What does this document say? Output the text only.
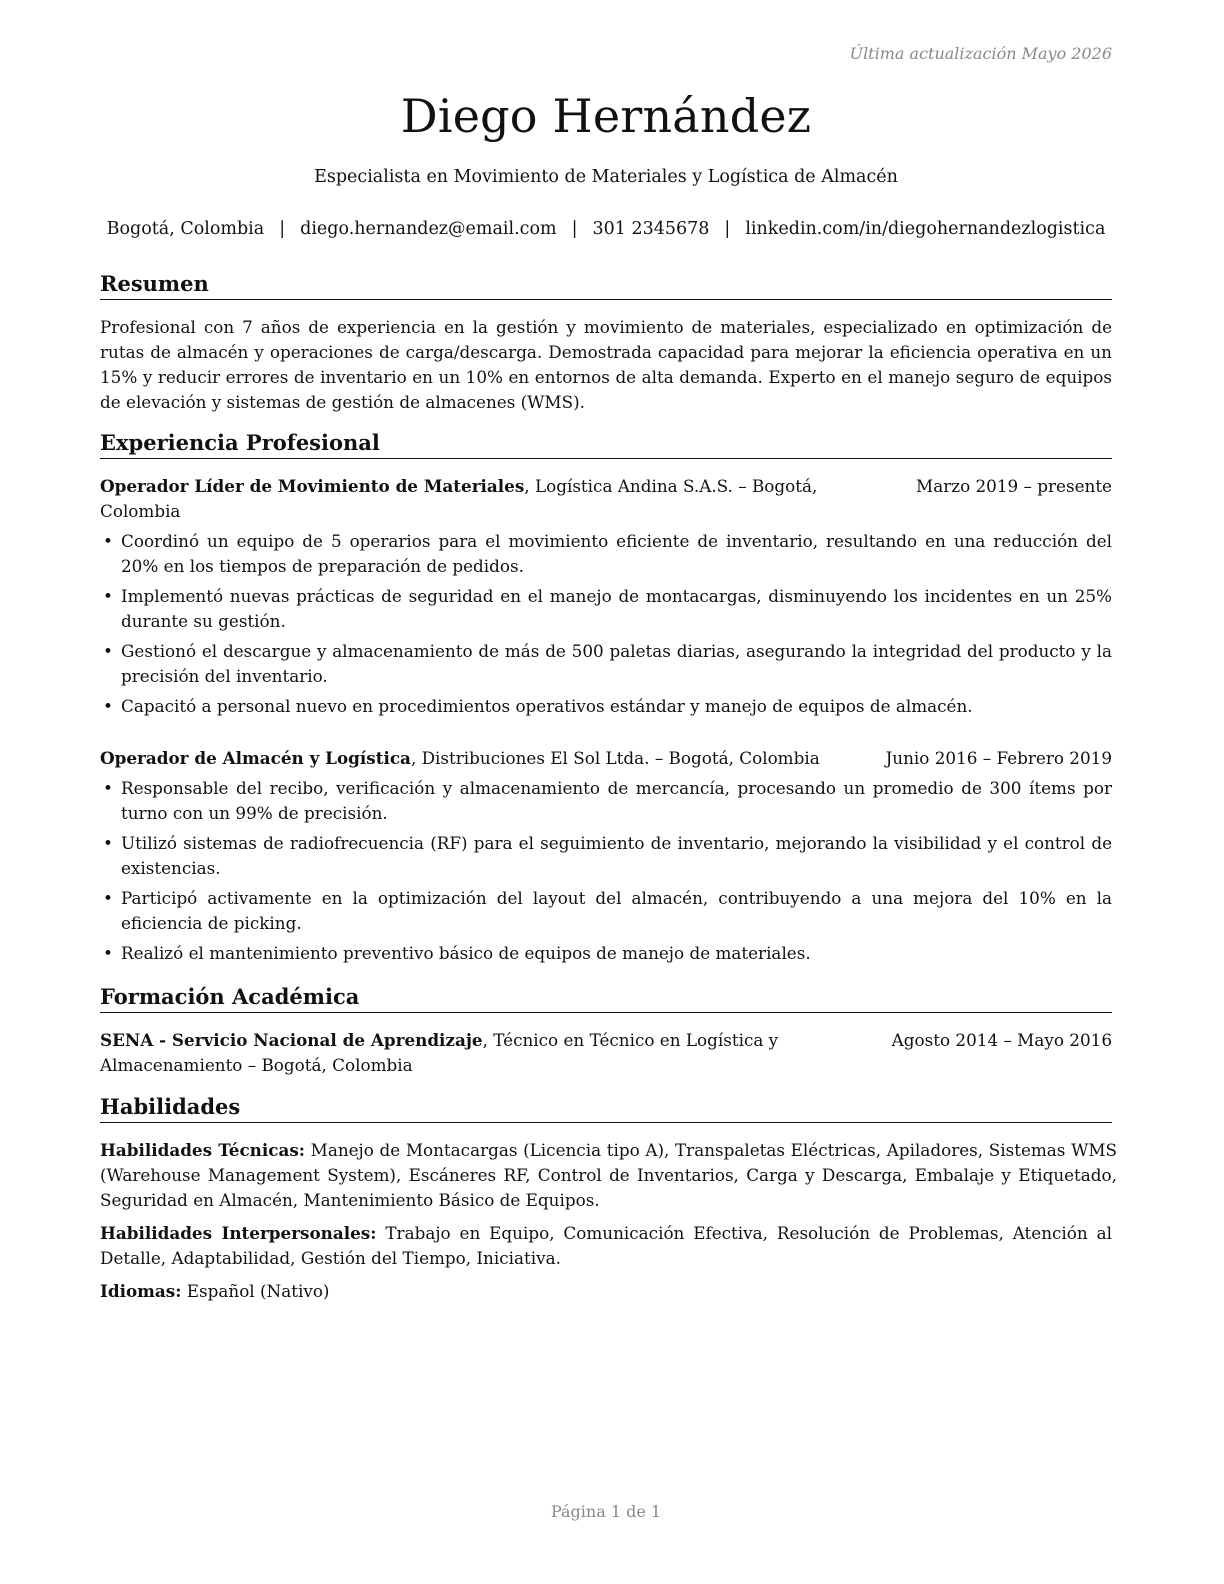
Última actualización Mayo 2026
Diego Hernández
Especialista en Movimiento de Materiales y Logística de Almacén
Bogotá, Colombia | diego.hernandez@email.com | 301 2345678 | linkedin.com/in/diegohernandezlogistica
Resumen
Profesional con 7 años de experiencia en la gestión y movimiento de materiales, especializado en optimización de rutas de almacén y operaciones de carga/descarga. Demostrada capacidad para mejorar la eficiencia operativa en un 15% y reducir errores de inventario en un 10% en entornos de alta demanda. Experto en el manejo seguro de equipos de elevación y sistemas de gestión de almacenes (WMS).
Experiencia Profesional
Operador Líder de Movimiento de Materiales, Logística Andina S.A.S. – Bogotá, Colombia
Marzo 2019 – presente
• Coordinó un equipo de 5 operarios para el movimiento eficiente de inventario, resultando en una reducción del 20% en los tiempos de preparación de pedidos.
• Implementó nuevas prácticas de seguridad en el manejo de montacargas, disminuyendo los incidentes en un 25% durante su gestión.
• Gestionó el descargue y almacenamiento de más de 500 paletas diarias, asegurando la integridad del producto y la precisión del inventario.
• Capacitó a personal nuevo en procedimientos operativos estándar y manejo de equipos de almacén.
Operador de Almacén y Logística, Distribuciones El Sol Ltda. – Bogotá, Colombia	Junio 2016 – Febrero 2019
• Responsable del recibo, verificación y almacenamiento de mercancía, procesando un promedio de 300 ítems por turno con un 99% de precisión.
• Utilizó sistemas de radiofrecuencia (RF) para el seguimiento de inventario, mejorando la visibilidad y el control de existencias.
• Participó activamente en la optimización del layout del almacén, contribuyendo a una mejora del 10% en la eficiencia de picking.
• Realizó el mantenimiento preventivo básico de equipos de manejo de materiales.
Formación Académica
SENA - Servicio Nacional de Aprendizaje, Técnico en Técnico en Logística y Almacenamiento – Bogotá, Colombia
Agosto 2014 – Mayo 2016
Habilidades

Habilidades Técnicas: Manejo de Montacargas (Licencia tipo A), Transpaletas Eléctricas, Apiladores, Sistemas WMS (Warehouse Management System), Escáneres RF, Control de Inventarios, Carga y Descarga, Embalaje y Etiquetado, Seguridad en Almacén, Mantenimiento Básico de Equipos.

Habilidades Interpersonales: Trabajo en Equipo, Comunicación Efectiva, Resolución de Problemas, Atención al Detalle, Adaptabilidad, Gestión del Tiempo, Iniciativa.

Idiomas: Español (Nativo)

Página 1 de 1
